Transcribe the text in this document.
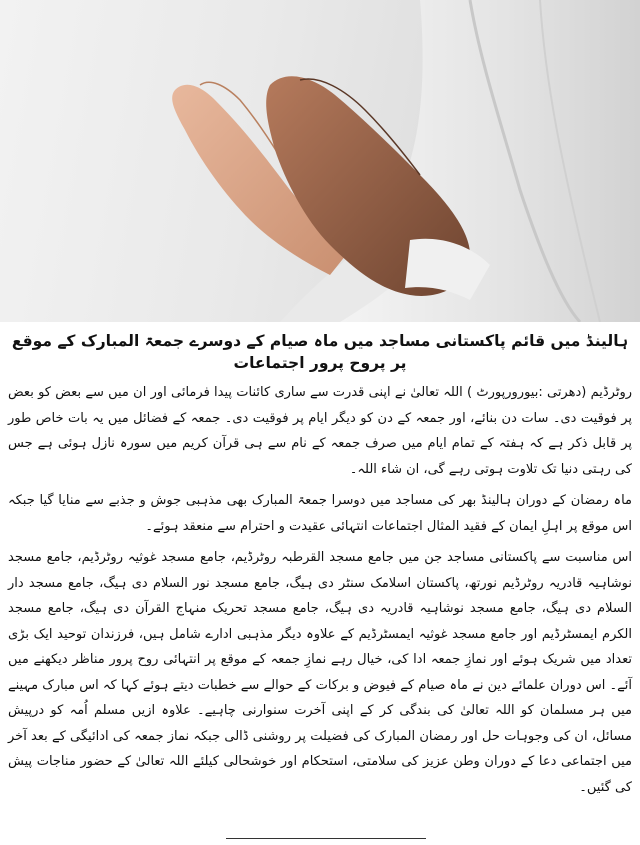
ہالینڈ میں قائم پاکستانی مساجد میں ماہ صیام کے دوسرے جمعۃ المبارک کے موقع پر پروح پرور اجتماعات

روٹرڈیم (دھرتی :بیورورپورٹ ) اللہ تعالیٰ نے اپنی قدرت سے ساری کائنات پیدا فرمائی اور ان میں سے بعض کو بعض پر فوقیت دی۔ سات دن بنائے، اور جمعہ کے دن کو دیگر ایام پر فوقیت دی۔ جمعہ کے فضائل میں یہ بات خاص طور پر قابل ذکر ہے کہ ہفتہ کے تمام ایام میں صرف جمعہ کے نام سے ہی قرآن کریم میں سورہ نازل ہوئی ہے جس کی رہتی دنیا تک تلاوت ہوتی رہے گی، ان شاء اللہ۔

ماہ رمضان کے دوران ہالینڈ بھر کی مساجد میں دوسرا جمعۃ المبارک بھی مذہبی جوش و جذبے سے منایا گیا جبکہ اس موقع پر اہلِ ایمان کے فقید المثال اجتماعات انتہائی عقیدت و احترام سے منعقد ہوئے۔

اس مناسبت سے پاکستانی مساجد جن میں جامع مسجد القرطبہ روٹرڈیم، جامع مسجد غوثیہ روٹرڈیم، جامع مسجد نوشاہیہ قادریہ روٹرڈیم نورتھ، پاکستان اسلامک سنٹر دی ہیگ، جامع مسجد نور السلام دی ہیگ، جامع مسجد دار السلام دی ہیگ، جامع مسجد نوشاہیہ قادریہ دی ہیگ، جامع مسجد تحریک منہاج القرآن دی ہیگ، جامع مسجد الکرم ایمسٹرڈیم اور جامع مسجد غوثیہ ایمسٹرڈیم کے علاوہ دیگر مذہبی ادارے شامل ہیں، فرزندان توحید ایک بڑی تعداد میں شریک ہوئے اور نمازِ جمعہ ادا کی، خیال رہے نمازِ جمعہ کے موقع پر انتہائی روح پرور مناظر دیکھنے میں آئے۔ اس دوران علمائے دین نے ماہ صیام کے فیوض و برکات کے حوالے سے خطبات دیتے ہوئے کہا کہ اس مبارک مہینے میں ہر مسلمان کو اللہ تعالیٰ کی بندگی کر کے اپنی آخرت سنوارنی چاہیے۔ علاوہ ازیں مسلم اُمہ کو درپیش مسائل، ان کی وجوہات حل اور رمضان المبارک کی فضیلت پر روشنی ڈالی جبکہ نماز جمعہ کی ادائیگی کے بعد آخر میں اجتماعی دعا کے دوران وطن عزیز کی سلامتی، استحکام اور خوشحالی کیلئے اللہ تعالیٰ کے حضور مناجات پیش کی گئیں۔
